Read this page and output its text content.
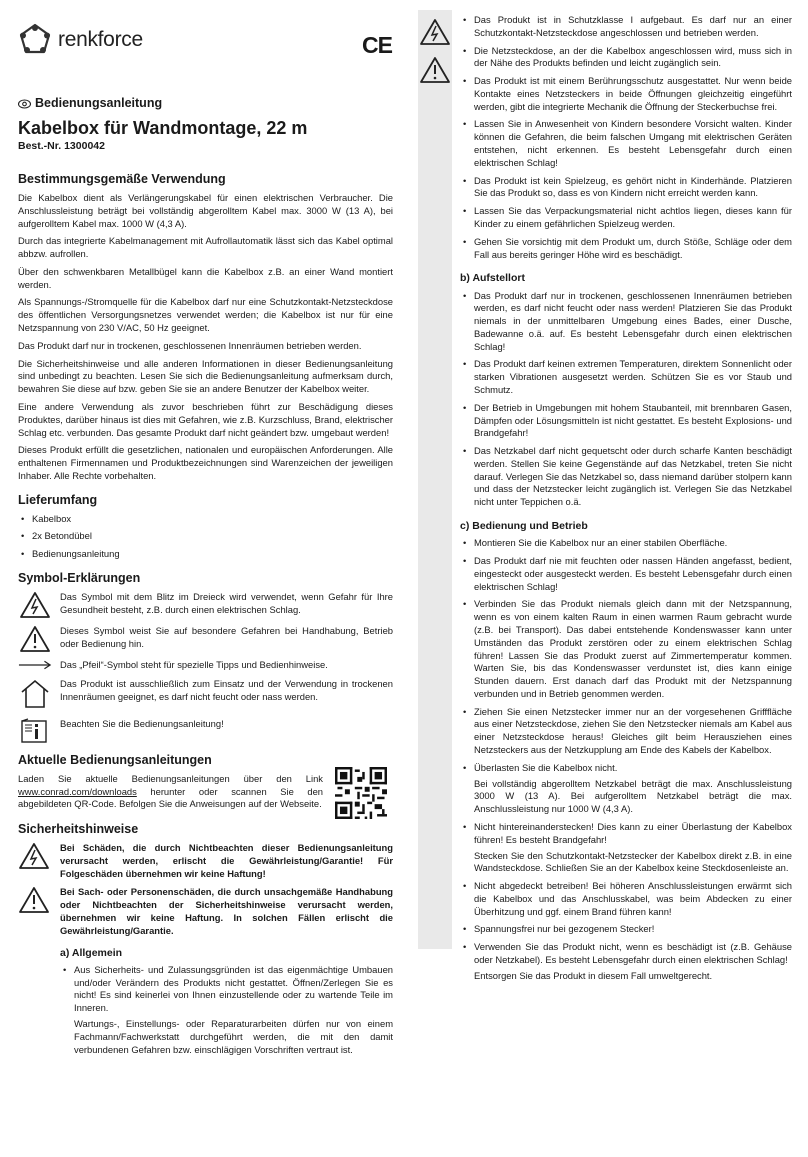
renkforce	CE
Bedienungsanleitung
Kabelbox für Wandmontage, 22 m
Best.-Nr. 1300042
Bestimmungsgemäße Verwendung

Die Kabelbox dient als Verlängerungskabel für einen elektrischen Verbraucher. Die Anschlussleistung beträgt bei vollständig abgerolltem Kabel max. 3000 W (13 A), bei aufgerolltem Kabel max. 1000 W (4,3 A).

Durch das integrierte Kabelmanagement mit Aufrollautomatik lässt sich das Kabel optimal abbzw. aufrollen.

Über den schwenkbaren Metallbügel kann die Kabelbox z.B. an einer Wand montiert werden.

Als Spannungs-/Stromquelle für die Kabelbox darf nur eine Schutzkontakt-Netzsteckdose des öffentlichen Versorgungsnetzes verwendet werden; die Kabelbox ist nur für eine Netzspannung von 230 V/AC, 50 Hz geeignet.

Das Produkt darf nur in trockenen, geschlossenen Innenräumen betrieben werden.

Die Sicherheitshinweise und alle anderen Informationen in dieser Bedienungsanleitung sind unbedingt zu beachten. Lesen Sie sich die Bedienungsanleitung aufmerksam durch, bewahren Sie diese auf bzw. geben Sie sie an andere Benutzer der Kabelbox weiter.

Eine andere Verwendung als zuvor beschrieben führt zur Beschädigung dieses Produktes, darüber hinaus ist dies mit Gefahren, wie z.B. Kurzschluss, Brand, elektrischer Schlag etc. verbunden. Das gesamte Produkt darf nicht geändert bzw. umgebaut werden!

Dieses Produkt erfüllt die gesetzlichen, nationalen und europäischen Anforderungen. Alle enthaltenen Firmennamen und Produktbezeichnungen sind Warenzeichen der jeweiligen Inhaber. Alle Rechte vorbehalten.

Lieferumfang
• Kabelbox
• 2x Betondübel
• Bedienungsanleitung
Symbol-Erklärungen
Das Symbol mit dem Blitz im Dreieck wird verwendet, wenn Gefahr für Ihre Gesundheit besteht, z.B. durch einen elektrischen Schlag.
Dieses Symbol weist Sie auf besondere Gefahren bei Handhabung, Betrieb oder Bedienung hin.
Das „Pfeil“-Symbol steht für spezielle Tipps und Bedienhinweise.
Das Produkt ist ausschließlich zum Einsatz und der Verwendung in trockenen Innenräumen geeignet, es darf nicht feucht oder nass werden.
Beachten Sie die Bedienungsanleitung!
Aktuelle Bedienungsanleitungen

Laden Sie aktuelle Bedienungsanleitungen über den Link www.conrad.com/downloads herunter oder scannen Sie den abgebildeten QR-Code. Befolgen Sie die Anweisungen auf der Webseite.

Sicherheitshinweise
Bei Schäden, die durch Nichtbeachten dieser Bedienungsanleitung verursacht werden, erlischt die Gewährleistung/Garantie! Für Folgeschäden übernehmen wir keine Haftung!
Bei Sach- oder Personenschäden, die durch unsachgemäße Handhabung oder Nichtbeachten der Sicherheitshinweise verursacht werden, übernehmen wir keine Haftung. In solchen Fällen erlischt die Gewährleistung/Garantie.
a) Allgemein
• Aus Sicherheits- und Zulassungsgründen ist das eigenmächtige Umbauen und/oder Verändern des Produkts nicht gestattet. Öffnen/Zerlegen Sie es nicht! Es sind keinerlei von Ihnen einzustellende oder zu wartende Teile im Inneren.

Wartungs-, Einstellungs- oder Reparaturarbeiten dürfen nur von einem Fachmann/Fachwerkstatt durchgeführt werden, die mit den damit verbundenen Gefahren bzw. einschlägigen Vorschriften vertraut ist.

• Das Produkt ist in Schutzklasse I aufgebaut. Es darf nur an einer Schutzkontakt-Netzsteckdose angeschlossen und betrieben werden.
• Die Netzsteckdose, an der die Kabelbox angeschlossen wird, muss sich in der Nähe des Produkts befinden und leicht zugänglich sein.
• Das Produkt ist mit einem Berührungsschutz ausgestattet. Nur wenn beide Kontakte eines Netzsteckers in beide Öffnungen gleichzeitig eingeführt werden, gibt die integrierte Mechanik die Öffnung der Steckerbuchse frei.
• Lassen Sie in Anwesenheit von Kindern besondere Vorsicht walten. Kinder können die Gefahren, die beim falschen Umgang mit elektrischen Geräten entstehen, nicht erkennen. Es besteht Lebensgefahr durch einen elektrischen Schlag!
• Das Produkt ist kein Spielzeug, es gehört nicht in Kinderhände. Platzieren Sie das Produkt so, dass es von Kindern nicht erreicht werden kann.
• Lassen Sie das Verpackungsmaterial nicht achtlos liegen, dieses kann für Kinder zu einem gefährlichen Spielzeug werden.
• Gehen Sie vorsichtig mit dem Produkt um, durch Stöße, Schläge oder dem Fall aus bereits geringer Höhe wird es beschädigt.
b) Aufstellort
• Das Produkt darf nur in trockenen, geschlossenen Innenräumen betrieben werden, es darf nicht feucht oder nass werden! Platzieren Sie das Produkt niemals in der unmittelbaren Umgebung eines Bades, einer Dusche, Badewanne o.ä. auf. Es besteht Lebensgefahr durch einen elektrischen Schlag!
• Das Produkt darf keinen extremen Temperaturen, direktem Sonnenlicht oder starken Vibrationen ausgesetzt werden. Schützen Sie es vor Staub und Schmutz.
• Der Betrieb in Umgebungen mit hohem Staubanteil, mit brennbaren Gasen, Dämpfen oder Lösungsmitteln ist nicht gestattet. Es besteht Explosions- und Brandgefahr!
• Das Netzkabel darf nicht gequetscht oder durch scharfe Kanten beschädigt werden. Stellen Sie keine Gegenstände auf das Netzkabel, treten Sie nicht darauf. Verlegen Sie das Netzkabel so, dass niemand darüber stolpern kann und dass der Netzstecker leicht zugänglich ist. Verlegen Sie das Netzkabel nicht unter Teppichen o.ä.
c) Bedienung und Betrieb
• Montieren Sie die Kabelbox nur an einer stabilen Oberfläche.
• Das Produkt darf nie mit feuchten oder nassen Händen angefasst, bedient, eingesteckt oder ausgesteckt werden. Es besteht Lebensgefahr durch einen elektrischen Schlag!
• Verbinden Sie das Produkt niemals gleich dann mit der Netzspannung, wenn es von einem kalten Raum in einen warmen Raum gebracht wurde (z.B. bei Transport). Das dabei entstehende Kondenswasser kann unter Umständen das Produkt zerstören oder zu einem elektrischen Schlag führen! Lassen Sie das Produkt zuerst auf Zimmertemperatur kommen. Warten Sie, bis das Kondenswasser verdunstet ist, dies kann einige Stunden dauern. Erst danach darf das Produkt mit der Netzspannung verbunden und in Betrieb genommen werden.
• Ziehen Sie einen Netzstecker immer nur an der vorgesehenen Grifffläche aus einer Netzsteckdose, ziehen Sie den Netzstecker niemals am Kabel aus einer Netzsteckdose heraus! Gleiches gilt beim Herausziehen eines Netzsteckers aus der Netzkupplung am Ende des Kabels der Kabelbox.
• Überlasten Sie die Kabelbox nicht.

Bei vollständig abgerolltem Netzkabel beträgt die max. Anschlussleistung 3000 W (13 A). Bei aufgerolltem Netzkabel beträgt die max. Anschlussleistung nur 1000 W (4,3 A).

• Nicht hintereinanderstecken! Dies kann zu einer Überlastung der Kabelbox führen! Es besteht Brandgefahr!

Stecken Sie den Schutzkontakt-Netzstecker der Kabelbox direkt z.B. in eine Wandsteckdose. Schließen Sie an der Kabelbox keine Steckdosenleiste an.

• Nicht abgedeckt betreiben! Bei höheren Anschlussleistungen erwärmt sich die Kabelbox und das Anschlusskabel, was beim Abdecken zu einer Überhitzung und ggf. einem Brand führen kann!
• Spannungsfrei nur bei gezogenem Stecker!
• Verwenden Sie das Produkt nicht, wenn es beschädigt ist (z.B. Gehäuse oder Netzkabel). Es besteht Lebensgefahr durch einen elektrischen Schlag!

Entsorgen Sie das Produkt in diesem Fall umweltgerecht.
